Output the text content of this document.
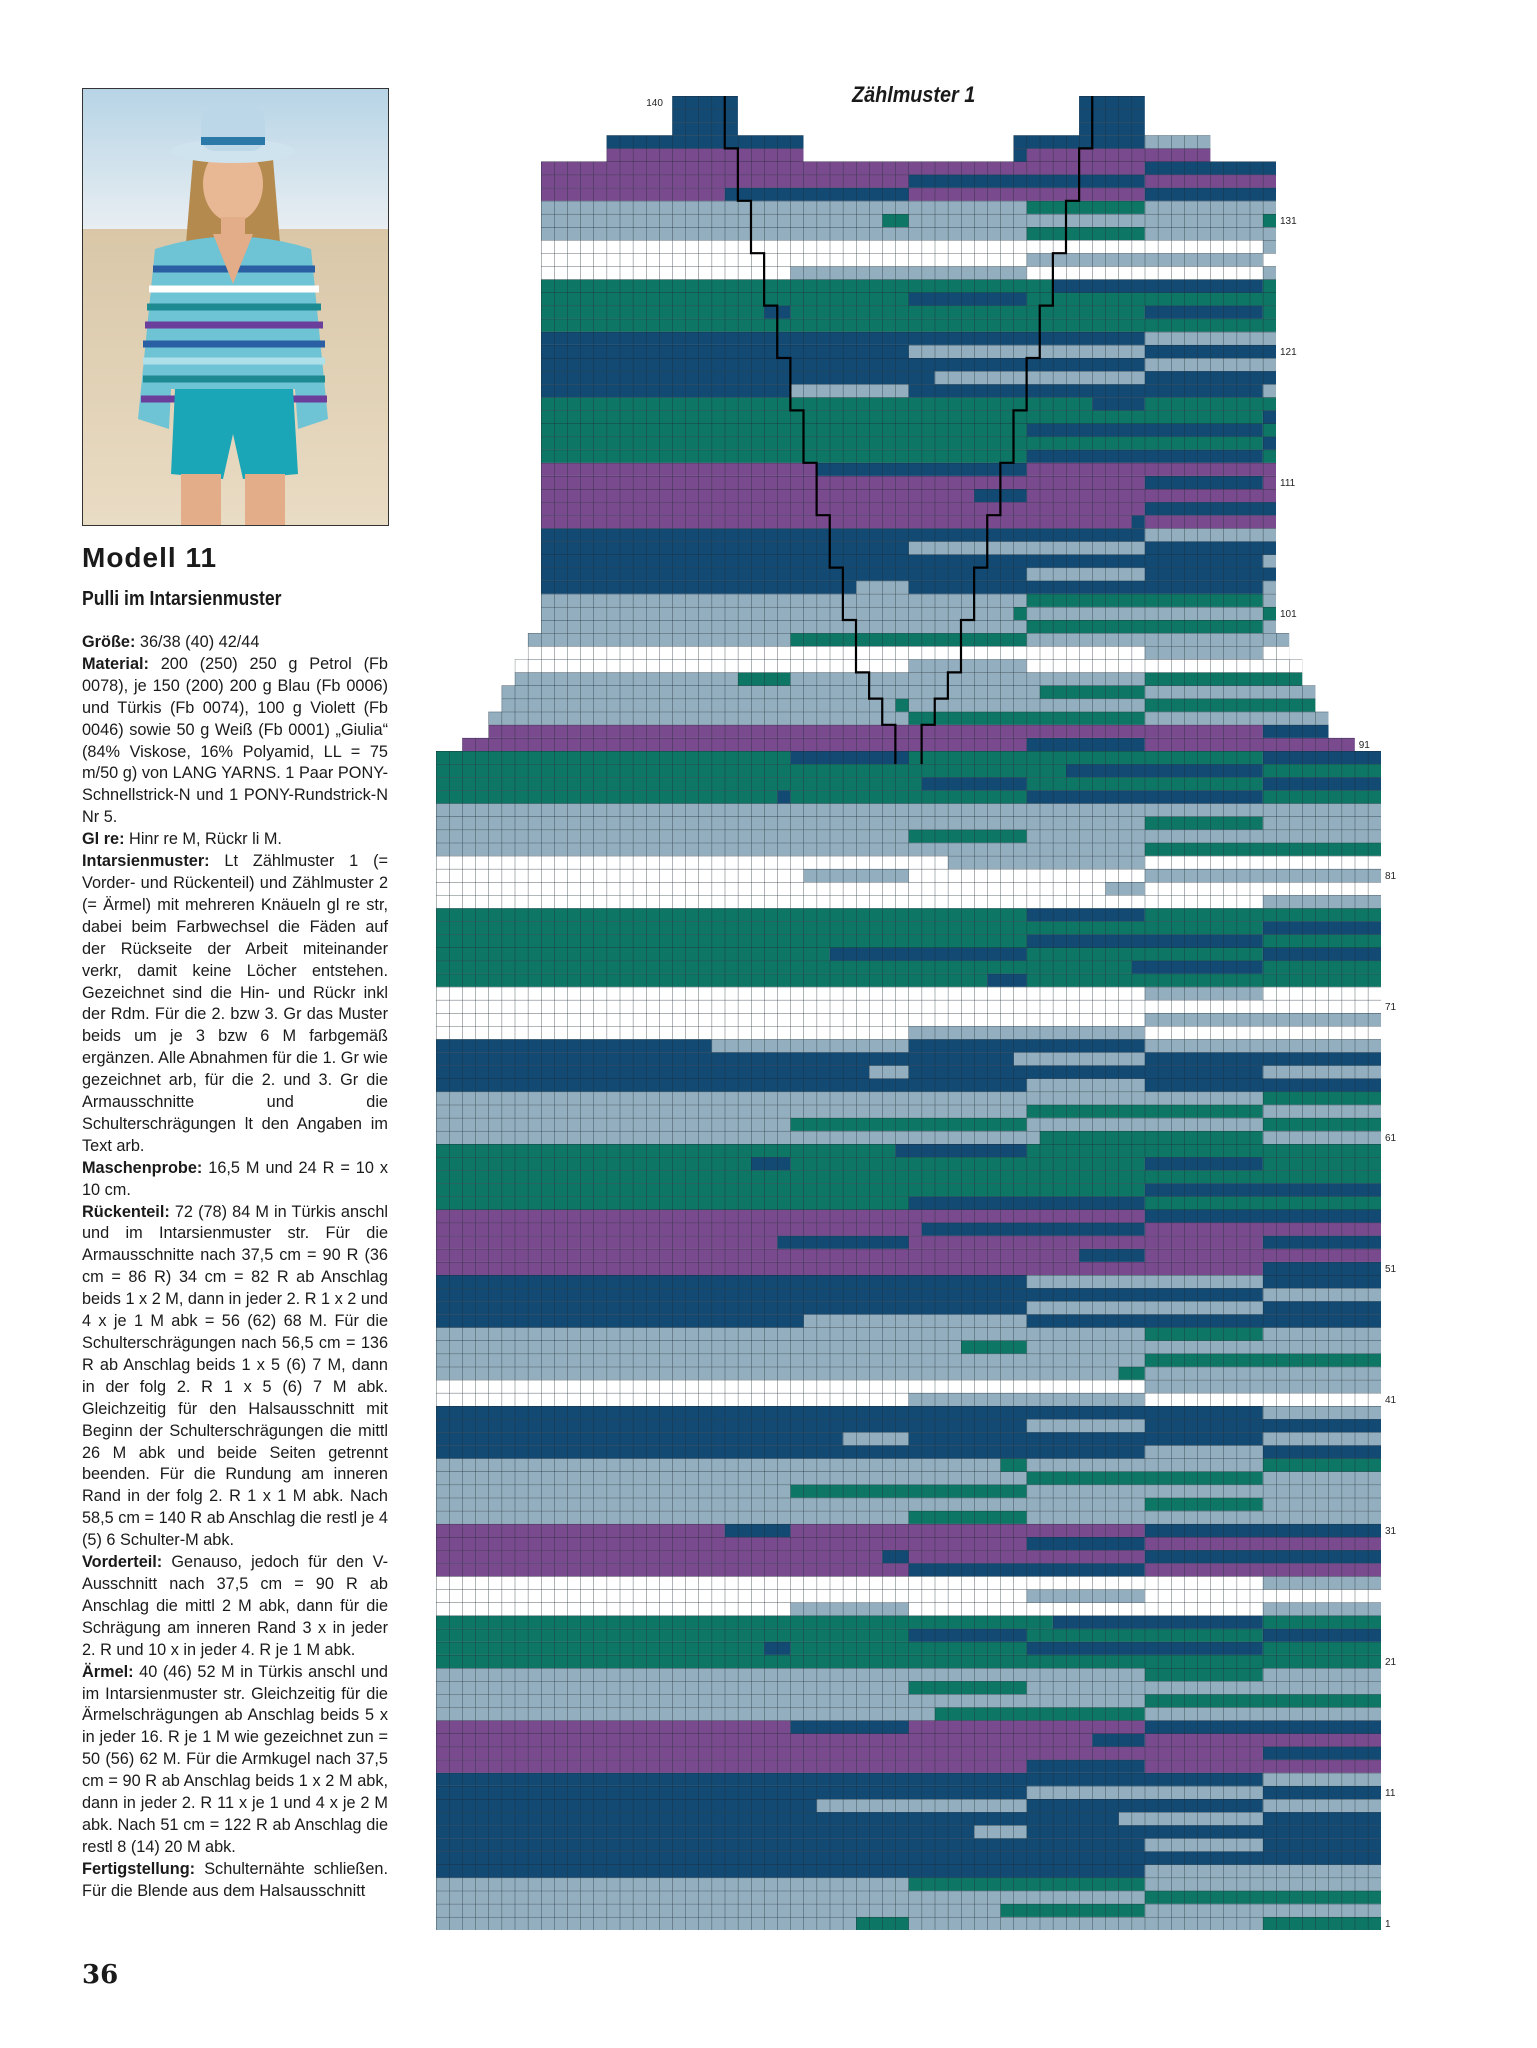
Modell 11
Pulli im Intarsienmuster

Größe: 36/38 (40) 42/44

Material: 200 (250) 250 g Petrol (Fb 0078), je 150 (200) 200 g Blau (Fb 0006) und Türkis (Fb 0074), 100 g Violett (Fb 0046) sowie 50 g Weiß (Fb 0001) „Giulia“ (84% Viskose, 16% Polyamid, LL = 75 m/50 g) von LANG YARNS. 1 Paar PONY-Schnellstrick-N und 1 PONY-Rundstrick-N Nr 5.

Gl re: Hinr re M, Rückr li M.

Intarsienmuster: Lt Zählmuster 1 (= Vorder- und Rückenteil) und Zählmuster 2 (= Ärmel) mit mehreren Knäueln gl re str, dabei beim Farbwechsel die Fäden auf der Rückseite der Arbeit miteinander verkr, damit keine Löcher entstehen. Gezeichnet sind die Hin- und Rückr inkl der Rdm. Für die 2. bzw 3. Gr das Muster beids um je 3 bzw 6 M farbgemäß ergänzen. Alle Abnahmen für die 1. Gr wie gezeichnet arb, für die 2. und 3. Gr die Armausschnitte und die Schulterschrägungen lt den Angaben im Text arb.

Maschenprobe: 16,5 M und 24 R = 10 x 10 cm.

Rückenteil: 72 (78) 84 M in Türkis anschl und im Intarsienmuster str. Für die Armausschnitte nach 37,5 cm = 90 R (36 cm = 86 R) 34 cm = 82 R ab Anschlag beids 1 x 2 M, dann in jeder 2. R 1 x 2 und 4 x je 1 M abk = 56 (62) 68 M. Für die Schulterschrägungen nach 56,5 cm = 136 R ab Anschlag beids 1 x 5 (6) 7 M, dann in der folg 2. R 1 x 5 (6) 7 M abk. Gleichzeitig für den Halsausschnitt mit Beginn der Schulterschrägungen die mittl 26 M abk und beide Seiten getrennt beenden. Für die Rundung am inneren Rand in der folg 2. R 1 x 1 M abk. Nach 58,5 cm = 140 R ab Anschlag die restl je 4 (5) 6 Schulter-M abk.

Vorderteil: Genauso, jedoch für den V-Ausschnitt nach 37,5 cm = 90 R ab Anschlag die mittl 2 M abk, dann für die Schrägung am inneren Rand 3 x in jeder 2. R und 10 x in jeder 4. R je 1 M abk.

Ärmel: 40 (46) 52 M in Türkis anschl und im Intarsienmuster str. Gleichzeitig für die Ärmelschrägungen ab Anschlag beids 5 x in jeder 16. R je 1 M wie gezeichnet zun = 50 (56) 62 M. Für die Armkugel nach 37,5 cm = 90 R ab Anschlag beids 1 x 2 M abk, dann in jeder 2. R 11 x je 1 und 4 x je 2 M abk. Nach 51 cm = 122 R ab Anschlag die restl 8 (14) 20 M abk.

Fertigstellung: Schulternähte schließen. Für die Blende aus dem Halsausschnitt

36
Zählmuster 1
1
11
21
31
41
51
61
71
81
91
101
111
121
131
140
